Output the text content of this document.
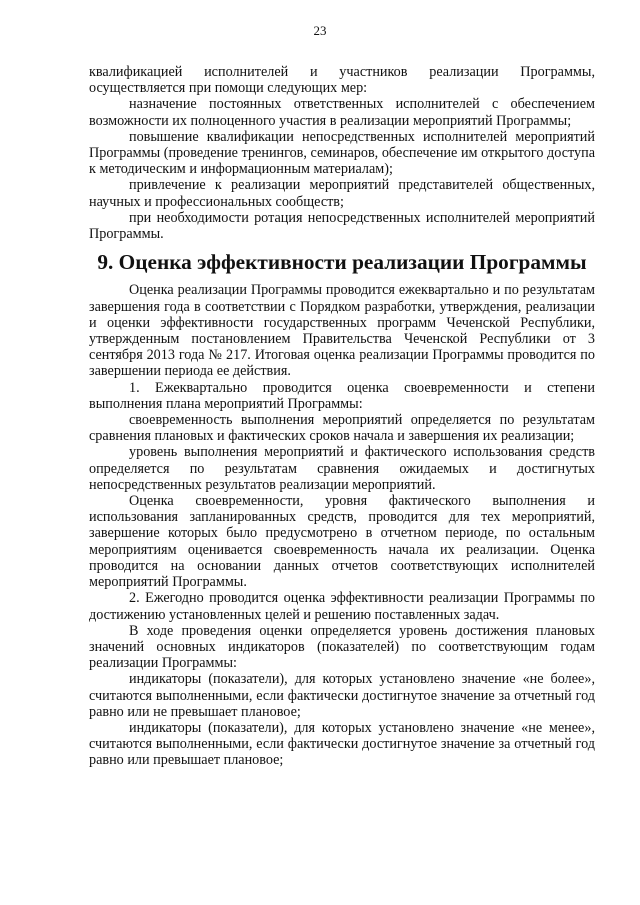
23

квалификацией исполнителей и участников реализации Программы, осуществляется при помощи следующих мер:

назначение постоянных ответственных исполнителей с обеспечением возможности их полноценного участия в реализации мероприятий Программы;

повышение квалификации непосредственных исполнителей мероприятий Программы (проведение тренингов, семинаров, обеспечение им открытого доступа к методическим и информационным материалам);

привлечение к реализации мероприятий представителей общественных, научных и профессиональных сообществ;

при необходимости ротация непосредственных исполнителей мероприятий Программы.

9. Оценка эффективности реализации Программы

Оценка реализации Программы проводится ежеквартально и по результатам завершения года в соответствии с Порядком разработки, утверждения, реализации и оценки эффективности государственных программ Чеченской Республики, утвержденным постановлением Правительства Чеченской Республики от 3 сентября 2013 года № 217. Итоговая оценка реализации Программы проводится по завершении периода ее действия.

1. Ежеквартально проводится оценка своевременности и степени выполнения плана мероприятий Программы:

своевременность выполнения мероприятий определяется по результатам сравнения плановых и фактических сроков начала и завершения их реализации;

уровень выполнения мероприятий и фактического использования средств определяется по результатам сравнения ожидаемых и достигнутых непосредственных результатов реализации мероприятий.

Оценка своевременности, уровня фактического выполнения и использования запланированных средств, проводится для тех мероприятий, завершение которых было предусмотрено в отчетном периоде, по остальным мероприятиям оценивается своевременность начала их реализации. Оценка проводится на основании данных отчетов соответствующих исполнителей мероприятий Программы.

2. Ежегодно проводится оценка эффективности реализации Программы по достижению установленных целей и решению поставленных задач.

В ходе проведения оценки определяется уровень достижения плановых значений основных индикаторов (показателей) по соответствующим годам реализации Программы:

индикаторы (показатели), для которых установлено значение «не более», считаются выполненными, если фактически достигнутое значение за отчетный год равно или не превышает плановое;

индикаторы (показатели), для которых установлено значение «не менее», считаются выполненными, если фактически достигнутое значение за отчетный год равно или превышает плановое;
